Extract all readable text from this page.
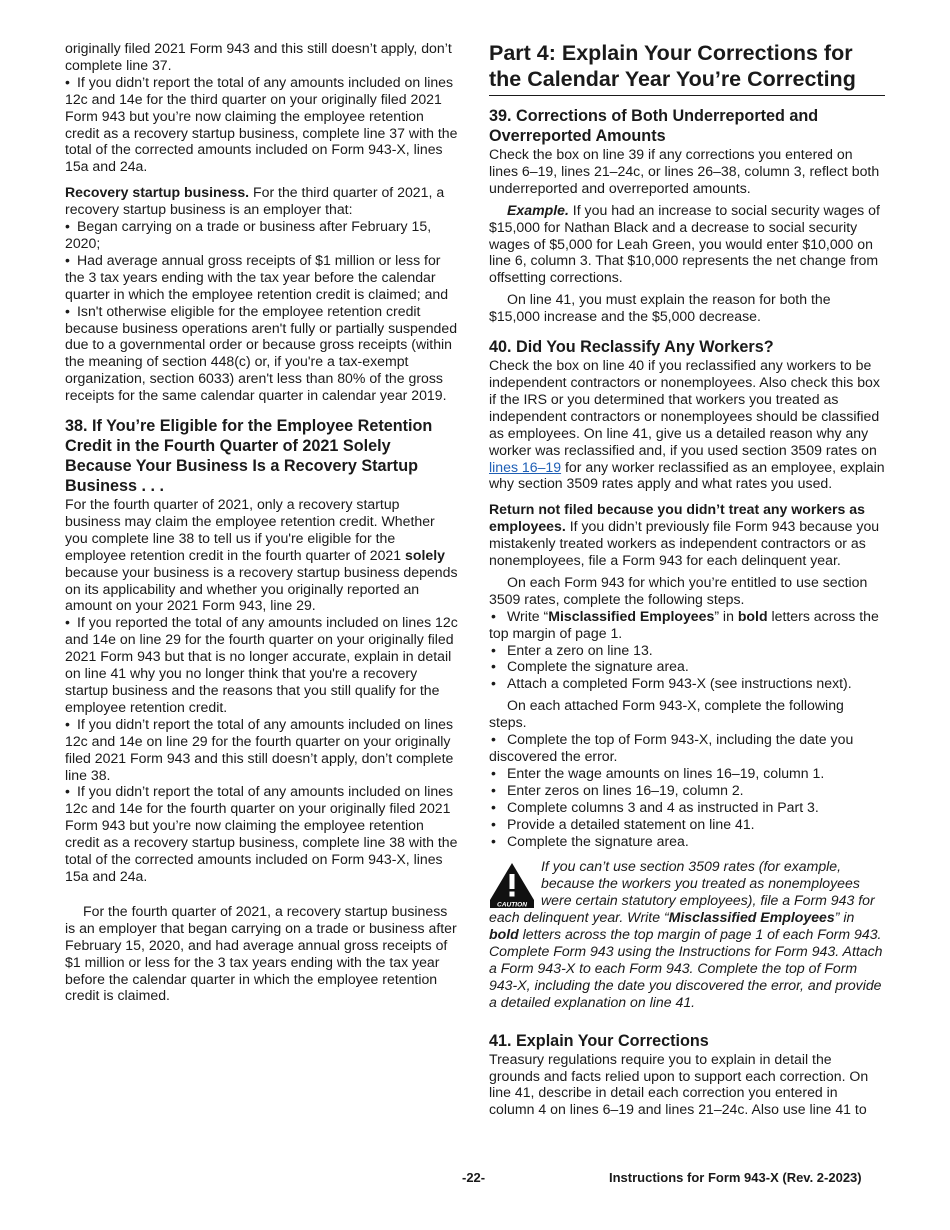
originally filed 2021 Form 943 and this still doesn’t apply, don’t complete line 37.

• If you didn’t report the total of any amounts included on lines 12c and 14e for the third quarter on your originally filed 2021 Form 943 but you’re now claiming the employee retention credit as a recovery startup business, complete line 37 with the total of the corrected amounts included on Form 943-X, lines 15a and 24a.

Recovery startup business. For the third quarter of 2021, a recovery startup business is an employer that:

• Began carrying on a trade or business after February 15, 2020;
• Had average annual gross receipts of $1 million or less for the 3 tax years ending with the tax year before the calendar quarter in which the employee retention credit is claimed; and
• Isn't otherwise eligible for the employee retention credit because business operations aren't fully or partially suspended due to a governmental order or because gross receipts (within the meaning of section 448(c) or, if you're a tax-exempt organization, section 6033) aren't less than 80% of the gross receipts for the same calendar quarter in calendar year 2019.
38. If You’re Eligible for the Employee Retention Credit in the Fourth Quarter of 2021 Solely Because Your Business Is a Recovery Startup Business . . .

For the fourth quarter of 2021, only a recovery startup business may claim the employee retention credit. Whether you complete line 38 to tell us if you're eligible for the employee retention credit in the fourth quarter of 2021 solely because your business is a recovery startup business depends on its applicability and whether you originally reported an amount on your 2021 Form 943, line 29.

• If you reported the total of any amounts included on lines 12c and 14e on line 29 for the fourth quarter on your originally filed 2021 Form 943 but that is no longer accurate, explain in detail on line 41 why you no longer think that you're a recovery startup business and the reasons that you still qualify for the employee retention credit.
• If you didn’t report the total of any amounts included on lines 12c and 14e on line 29 for the fourth quarter on your originally filed 2021 Form 943 and this still doesn’t apply, don’t complete line 38.
• If you didn’t report the total of any amounts included on lines 12c and 14e for the fourth quarter on your originally filed 2021 Form 943 but you’re now claiming the employee retention credit as a recovery startup business, complete line 38 with the total of the corrected amounts included on Form 943-X, lines 15a and 24a.

For the fourth quarter of 2021, a recovery startup business is an employer that began carrying on a trade or business after February 15, 2020, and had average annual gross receipts of $1 million or less for the 3 tax years ending with the tax year before the calendar quarter in which the employee retention credit is claimed.

Part 4: Explain Your Corrections for the Calendar Year You’re Correcting
39. Corrections of Both Underreported and Overreported Amounts

Check the box on line 39 if any corrections you entered on lines 6–19, lines 21–24c, or lines 26–38, column 3, reflect both underreported and overreported amounts.

Example. If you had an increase to social security wages of $15,000 for Nathan Black and a decrease to social security wages of $5,000 for Leah Green, you would enter $10,000 on line 6, column 3. That $10,000 represents the net change from offsetting corrections.

On line 41, you must explain the reason for both the $15,000 increase and the $5,000 decrease.

40. Did You Reclassify Any Workers?

Check the box on line 40 if you reclassified any workers to be independent contractors or nonemployees. Also check this box if the IRS or you determined that workers you treated as independent contractors or nonemployees should be classified as employees. On line 41, give us a detailed reason why any worker was reclassified and, if you used section 3509 rates on lines 16–19 for any worker reclassified as an employee, explain why section 3509 rates apply and what rates you used.

Return not filed because you didn’t treat any workers as employees. If you didn’t previously file Form 943 because you mistakenly treated workers as independent contractors or as nonemployees, file a Form 943 for each delinquent year.

On each Form 943 for which you’re entitled to use section 3509 rates, complete the following steps.

• Write “Misclassified Employees” in bold letters across the top margin of page 1.
• Enter a zero on line 13.
• Complete the signature area.
• Attach a completed Form 943-X (see instructions next).

On each attached Form 943-X, complete the following steps.

• Complete the top of Form 943-X, including the date you discovered the error.
• Enter the wage amounts on lines 16–19, column 1.
• Enter zeros on lines 16–19, column 2.
• Complete columns 3 and 4 as instructed in Part 3.
• Provide a detailed statement on line 41.
• Complete the signature area.
CAUTION
If you can’t use section 3509 rates (for example, because the workers you treated as nonemployees were certain statutory employees), file a Form 943 for each delinquent year. Write “Misclassified Employees” in bold letters across the top margin of page 1 of each Form 943. Complete Form 943 using the Instructions for Form 943. Attach a Form 943-X to each Form 943. Complete the top of Form 943-X, including the date you discovered the error, and provide a detailed explanation on line 41.
41. Explain Your Corrections

Treasury regulations require you to explain in detail the grounds and facts relied upon to support each correction. On line 41, describe in detail each correction you entered in column 4 on lines 6–19 and lines 21–24c. Also use line 41 to

-22-	Instructions for Form 943-X (Rev. 2-2023)
